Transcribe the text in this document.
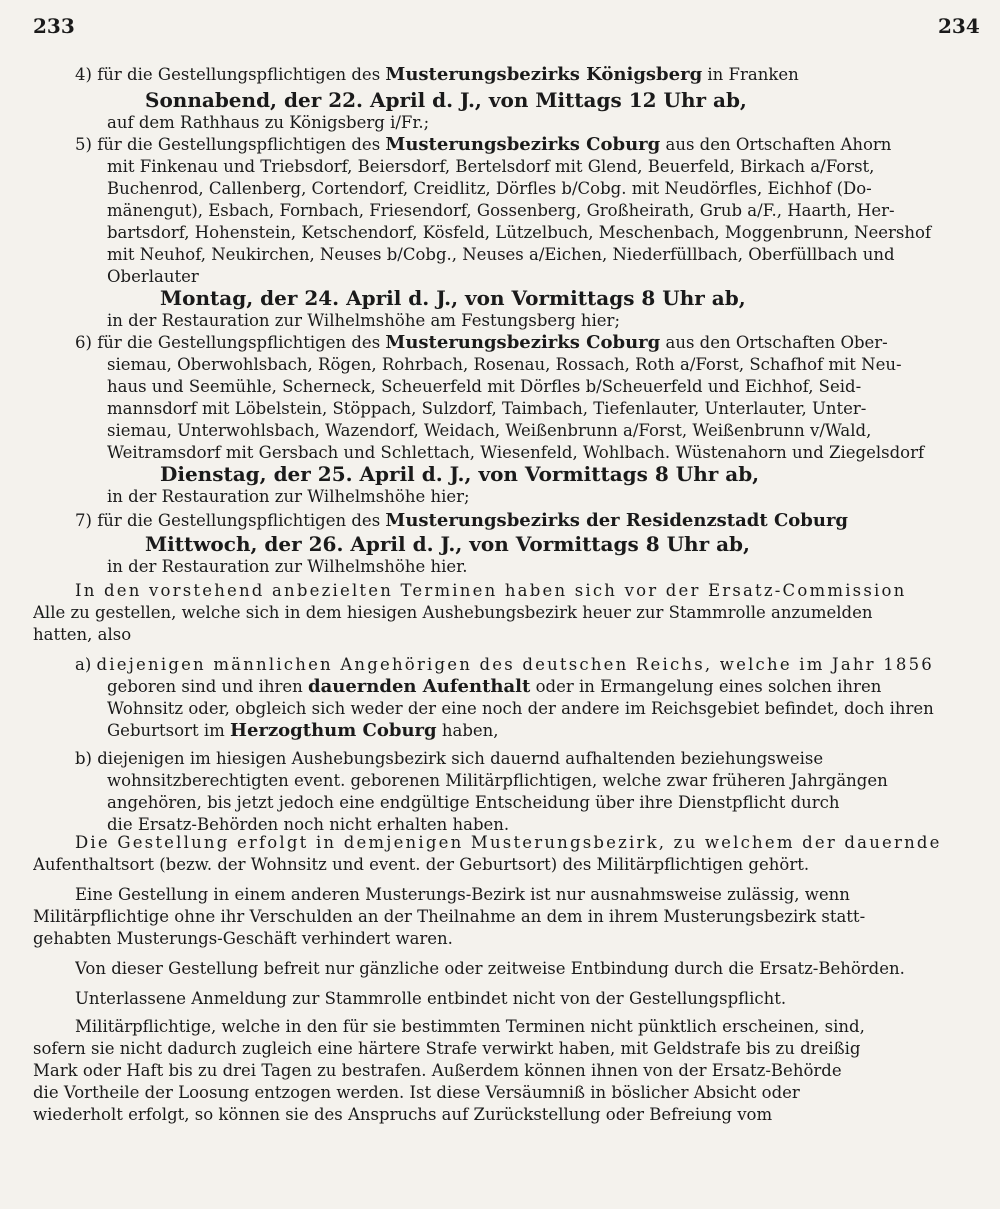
233	234
4) für die Gestellungspflichtigen des Musterungsbezirks Königsberg in Franken
Sonnabend, der 22. April d. J., von Mittags 12 Uhr ab,
auf dem Rathhaus zu Königsberg i/Fr.;
5) für die Gestellungspflichtigen des Musterungsbezirks Coburg aus den Ortschaften Ahorn
mit Finkenau und Triebsdorf, Beiersdorf, Bertelsdorf mit Glend, Beuerfeld, Birkach a/Forst,
Buchenrod, Callenberg, Cortendorf, Creidlitz, Dörfles b/Cobg. mit Neudörfles, Eichhof (Do-
mänengut), Esbach, Fornbach, Friesendorf, Gossenberg, Großheirath, Grub a/F., Haarth, Her-
bartsdorf, Hohenstein, Ketschendorf, Kösfeld, Lützelbuch, Meschenbach, Moggenbrunn, Neershof
mit Neuhof, Neukirchen, Neuses b/Cobg., Neuses a/Eichen, Niederfüllbach, Oberfüllbach und
Oberlauter
Montag, der 24. April d. J., von Vormittags 8 Uhr ab,
in der Restauration zur Wilhelmshöhe am Festungsberg hier;
6) für die Gestellungspflichtigen des Musterungsbezirks Coburg aus den Ortschaften Ober-
siemau, Oberwohlsbach, Rögen, Rohrbach, Rosenau, Rossach, Roth a/Forst, Schafhof mit Neu-
haus und Seemühle, Scherneck, Scheuerfeld mit Dörfles b/Scheuerfeld und Eichhof, Seid-
mannsdorf mit Löbelstein, Stöppach, Sulzdorf, Taimbach, Tiefenlauter, Unterlauter, Unter-
siemau, Unterwohlsbach, Wazendorf, Weidach, Weißenbrunn a/Forst, Weißenbrunn v/Wald,
Weitramsdorf mit Gersbach und Schlettach, Wiesenfeld, Wohlbach. Wüstenahorn und Ziegelsdorf
Dienstag, der 25. April d. J., von Vormittags 8 Uhr ab,
in der Restauration zur Wilhelmshöhe hier;
7) für die Gestellungspflichtigen des Musterungsbezirks der Residenzstadt Coburg
Mittwoch, der 26. April d. J., von Vormittags 8 Uhr ab,
in der Restauration zur Wilhelmshöhe hier.
In den vorstehend anbezielten Terminen haben sich vor der Ersatz-Commission
Alle zu gestellen, welche sich in dem hiesigen Aushebungsbezirk heuer zur Stammrolle anzumelden
hatten, also
a) diejenigen männlichen Angehörigen des deutschen Reichs, welche im Jahr 1856
geboren sind und ihren dauernden Aufenthalt oder in Ermangelung eines solchen ihren
Wohnsitz oder, obgleich sich weder der eine noch der andere im Reichsgebiet befindet, doch ihren
Geburtsort im Herzogthum Coburg haben,
b) diejenigen im hiesigen Aushebungsbezirk sich dauernd aufhaltenden beziehungsweise
wohnsitzberechtigten event. geborenen Militärpflichtigen, welche zwar früheren Jahrgängen
angehören, bis jetzt jedoch eine endgültige Entscheidung über ihre Dienstpflicht durch
die Ersatz-Behörden noch nicht erhalten haben.
Die Gestellung erfolgt in demjenigen Musterungsbezirk, zu welchem der dauernde
Aufenthaltsort (bezw. der Wohnsitz und event. der Geburtsort) des Militärpflichtigen gehört.
Eine Gestellung in einem anderen Musterungs-Bezirk ist nur ausnahmsweise zulässig, wenn
Militärpflichtige ohne ihr Verschulden an der Theilnahme an dem in ihrem Musterungsbezirk statt-
gehabten Musterungs-Geschäft verhindert waren.
Von dieser Gestellung befreit nur gänzliche oder zeitweise Entbindung durch die Ersatz-Behörden.
Unterlassene Anmeldung zur Stammrolle entbindet nicht von der Gestellungspflicht.
Militärpflichtige, welche in den für sie bestimmten Terminen nicht pünktlich erscheinen, sind,
sofern sie nicht dadurch zugleich eine härtere Strafe verwirkt haben, mit Geldstrafe bis zu dreißig
Mark oder Haft bis zu drei Tagen zu bestrafen. Außerdem können ihnen von der Ersatz-Behörde
die Vortheile der Loosung entzogen werden. Ist diese Versäumniß in böslicher Absicht oder
wiederholt erfolgt, so können sie des Anspruchs auf Zurückstellung oder Befreiung vom
